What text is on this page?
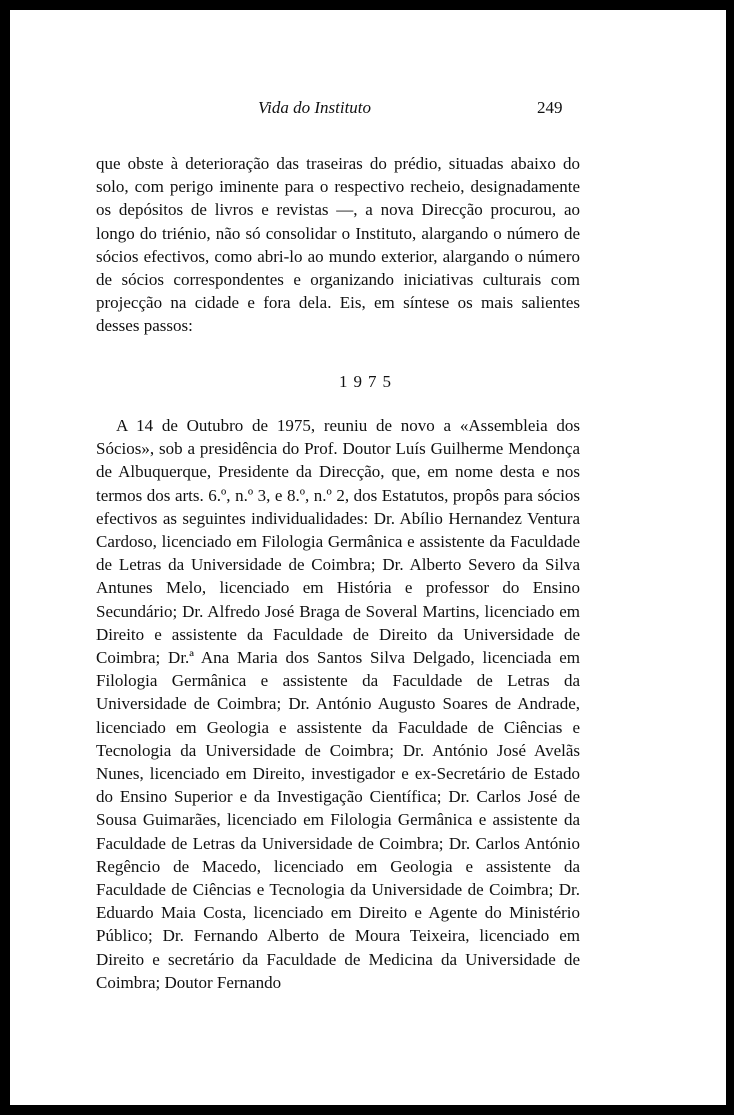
Vida do Instituto	249

que obste à deterioração das traseiras do prédio, situadas abaixo do solo, com perigo iminente para o respectivo recheio, designadamente os depósitos de livros e revistas —, a nova Direcção procurou, ao longo do triénio, não só consolidar o Instituto, alargando o número de sócios efectivos, como abri-lo ao mundo exterior, alargando o número de sócios correspondentes e organizando iniciativas culturais com projecção na cidade e fora dela. Eis, em síntese os mais salientes desses passos:

1975

A 14 de Outubro de 1975, reuniu de novo a «Assembleia dos Sócios», sob a presidência do Prof. Doutor Luís Guilherme Mendonça de Albuquerque, Presidente da Direcção, que, em nome desta e nos termos dos arts. 6.º, n.º 3, e 8.º, n.º 2, dos Estatutos, propôs para sócios efectivos as seguintes individualidades: Dr. Abílio Hernandez Ventura Cardoso, licenciado em Filologia Germânica e assistente da Faculdade de Letras da Universidade de Coimbra; Dr. Alberto Severo da Silva Antunes Melo, licenciado em História e professor do Ensino Secundário; Dr. Alfredo José Braga de Soveral Martins, licenciado em Direito e assistente da Faculdade de Direito da Universidade de Coimbra; Dr.ª Ana Maria dos Santos Silva Delgado, licenciada em Filologia Germânica e assistente da Faculdade de Letras da Universidade de Coimbra; Dr. António Augusto Soares de Andrade, licenciado em Geologia e assistente da Faculdade de Ciências e Tecnologia da Universidade de Coimbra; Dr. António José Avelãs Nunes, licenciado em Direito, investigador e ex-Secretário de Estado do Ensino Superior e da Investigação Científica; Dr. Carlos José de Sousa Guimarães, licenciado em Filologia Germânica e assistente da Faculdade de Letras da Universidade de Coimbra; Dr. Carlos António Regêncio de Macedo, licenciado em Geologia e assistente da Faculdade de Ciências e Tecnologia da Universidade de Coimbra; Dr. Eduardo Maia Costa, licenciado em Direito e Agente do Ministério Público; Dr. Fernando Alberto de Moura Teixeira, licenciado em Direito e secretário da Faculdade de Medicina da Universidade de Coimbra; Doutor Fernando
